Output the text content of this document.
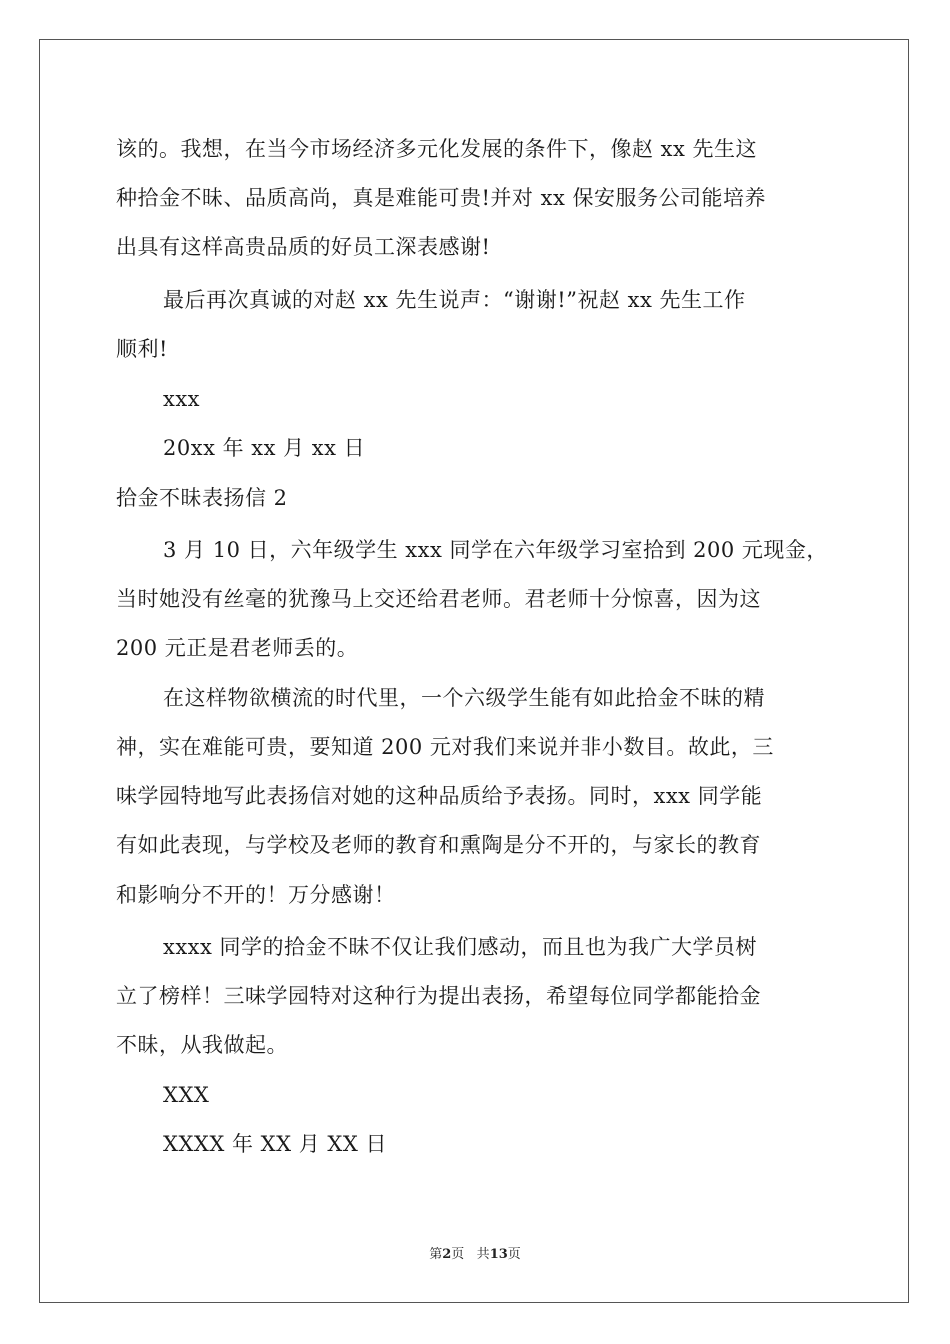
该的。我想，在当今市场经济多元化发展的条件下，像赵 xx 先生这
种拾金不昧、品质高尚，真是难能可贵!并对 xx 保安服务公司能培养
出具有这样高贵品质的好员工深表感谢!
最后再次真诚的对赵 xx 先生说声：“谢谢!”祝赵 xx 先生工作
顺利!
xxx
20xx 年 xx 月 xx 日
拾金不昧表扬信 2
3 月 10 日，六年级学生 xxx 同学在六年级学习室拾到 200 元现金，
当时她没有丝毫的犹豫马上交还给君老师。君老师十分惊喜，因为这
200 元正是君老师丢的。
在这样物欲横流的时代里，一个六级学生能有如此拾金不昧的精
神，实在难能可贵，要知道 200 元对我们来说并非小数目。故此，三
味学园特地写此表扬信对她的这种品质给予表扬。同时，xxx 同学能
有如此表现，与学校及老师的教育和熏陶是分不开的，与家长的教育
和影响分不开的！万分感谢！
xxxx 同学的拾金不昧不仅让我们感动，而且也为我广大学员树
立了榜样！三味学园特对这种行为提出表扬，希望每位同学都能拾金
不昧，从我做起。
XXX
XXXX 年 XX 月 XX 日
第2页 共13页
